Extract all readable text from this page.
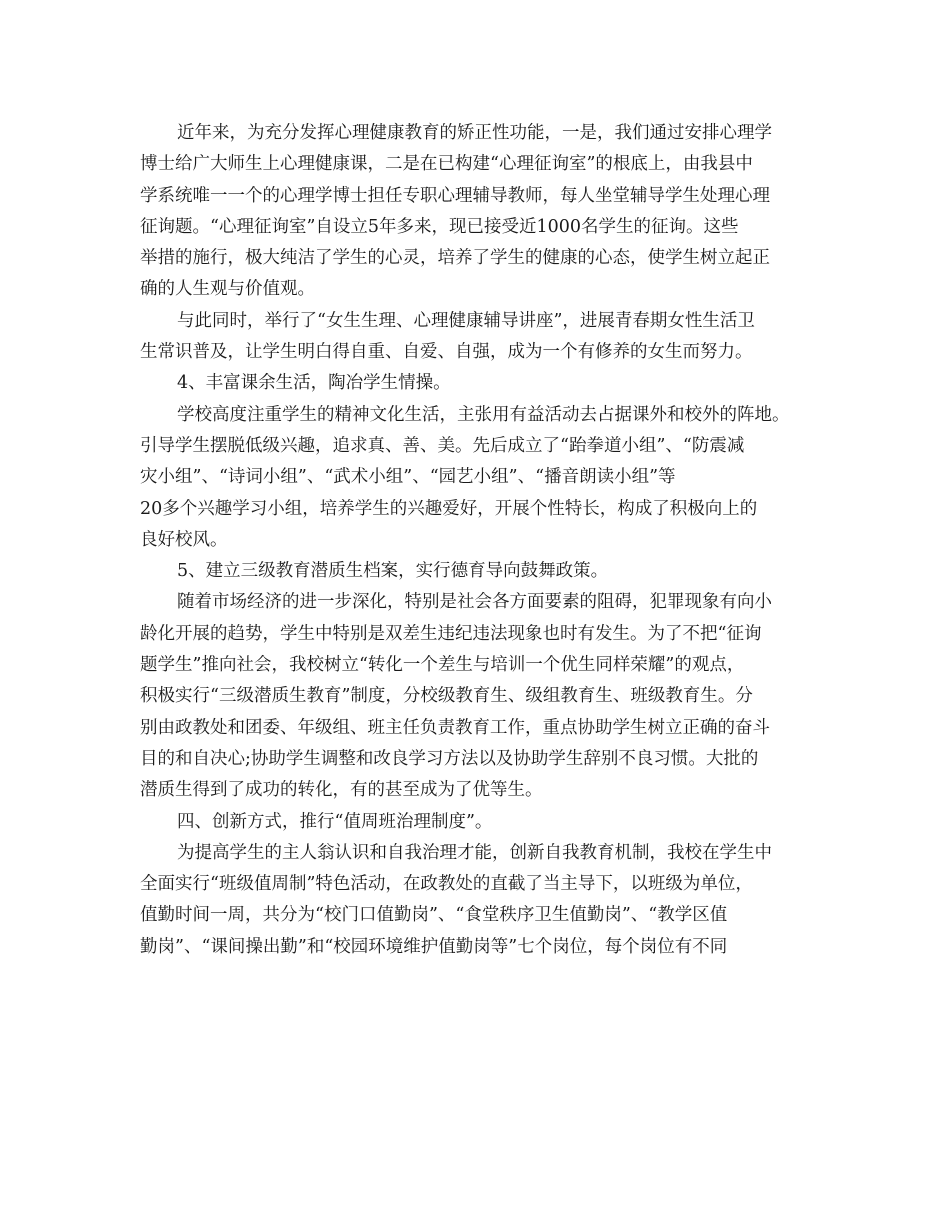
近年来，为充分发挥心理健康教育的矫正性功能，一是，我们通过安排心理学
博士给广大师生上心理健康课，二是在已构建“心理征询室”的根底上，由我县中
学系统唯一一个的心理学博士担任专职心理辅导教师，每人坐堂辅导学生处理心理
征询题。“心理征询室”自设立5年多来，现已接受近1000名学生的征询。这些
举措的施行，极大纯洁了学生的心灵，培养了学生的健康的心态，使学生树立起正
确的人生观与价值观。
与此同时，举行了“女生生理、心理健康辅导讲座”，进展青春期女性生活卫
生常识普及，让学生明白得自重、自爱、自强，成为一个有修养的女生而努力。
4、丰富课余生活，陶冶学生情操。
学校高度注重学生的精神文化生活，主张用有益活动去占据课外和校外的阵地。
引导学生摆脱低级兴趣，追求真、善、美。先后成立了“跆拳道小组”、“防震减
灾小组”、“诗词小组”、“武术小组”、“园艺小组”、“播音朗读小组”等
20多个兴趣学习小组，培养学生的兴趣爱好，开展个性特长，构成了积极向上的
良好校风。
5、建立三级教育潜质生档案，实行德育导向鼓舞政策。
随着市场经济的进一步深化，特别是社会各方面要素的阻碍，犯罪现象有向小
龄化开展的趋势，学生中特别是双差生违纪违法现象也时有发生。为了不把“征询
题学生”推向社会，我校树立“转化一个差生与培训一个优生同样荣耀”的观点，
积极实行“三级潜质生教育”制度，分校级教育生、级组教育生、班级教育生。分
别由政教处和团委、年级组、班主任负责教育工作，重点协助学生树立正确的奋斗
目的和自决心;协助学生调整和改良学习方法以及协助学生辞别不良习惯。大批的
潜质生得到了成功的转化，有的甚至成为了优等生。
四、创新方式，推行“值周班治理制度”。
为提高学生的主人翁认识和自我治理才能，创新自我教育机制，我校在学生中
全面实行“班级值周制”特色活动，在政教处的直截了当主导下，以班级为单位，
值勤时间一周，共分为“校门口值勤岗”、“食堂秩序卫生值勤岗”、“教学区值
勤岗”、“课间操出勤”和“校园环境维护值勤岗等”七个岗位，每个岗位有不同
